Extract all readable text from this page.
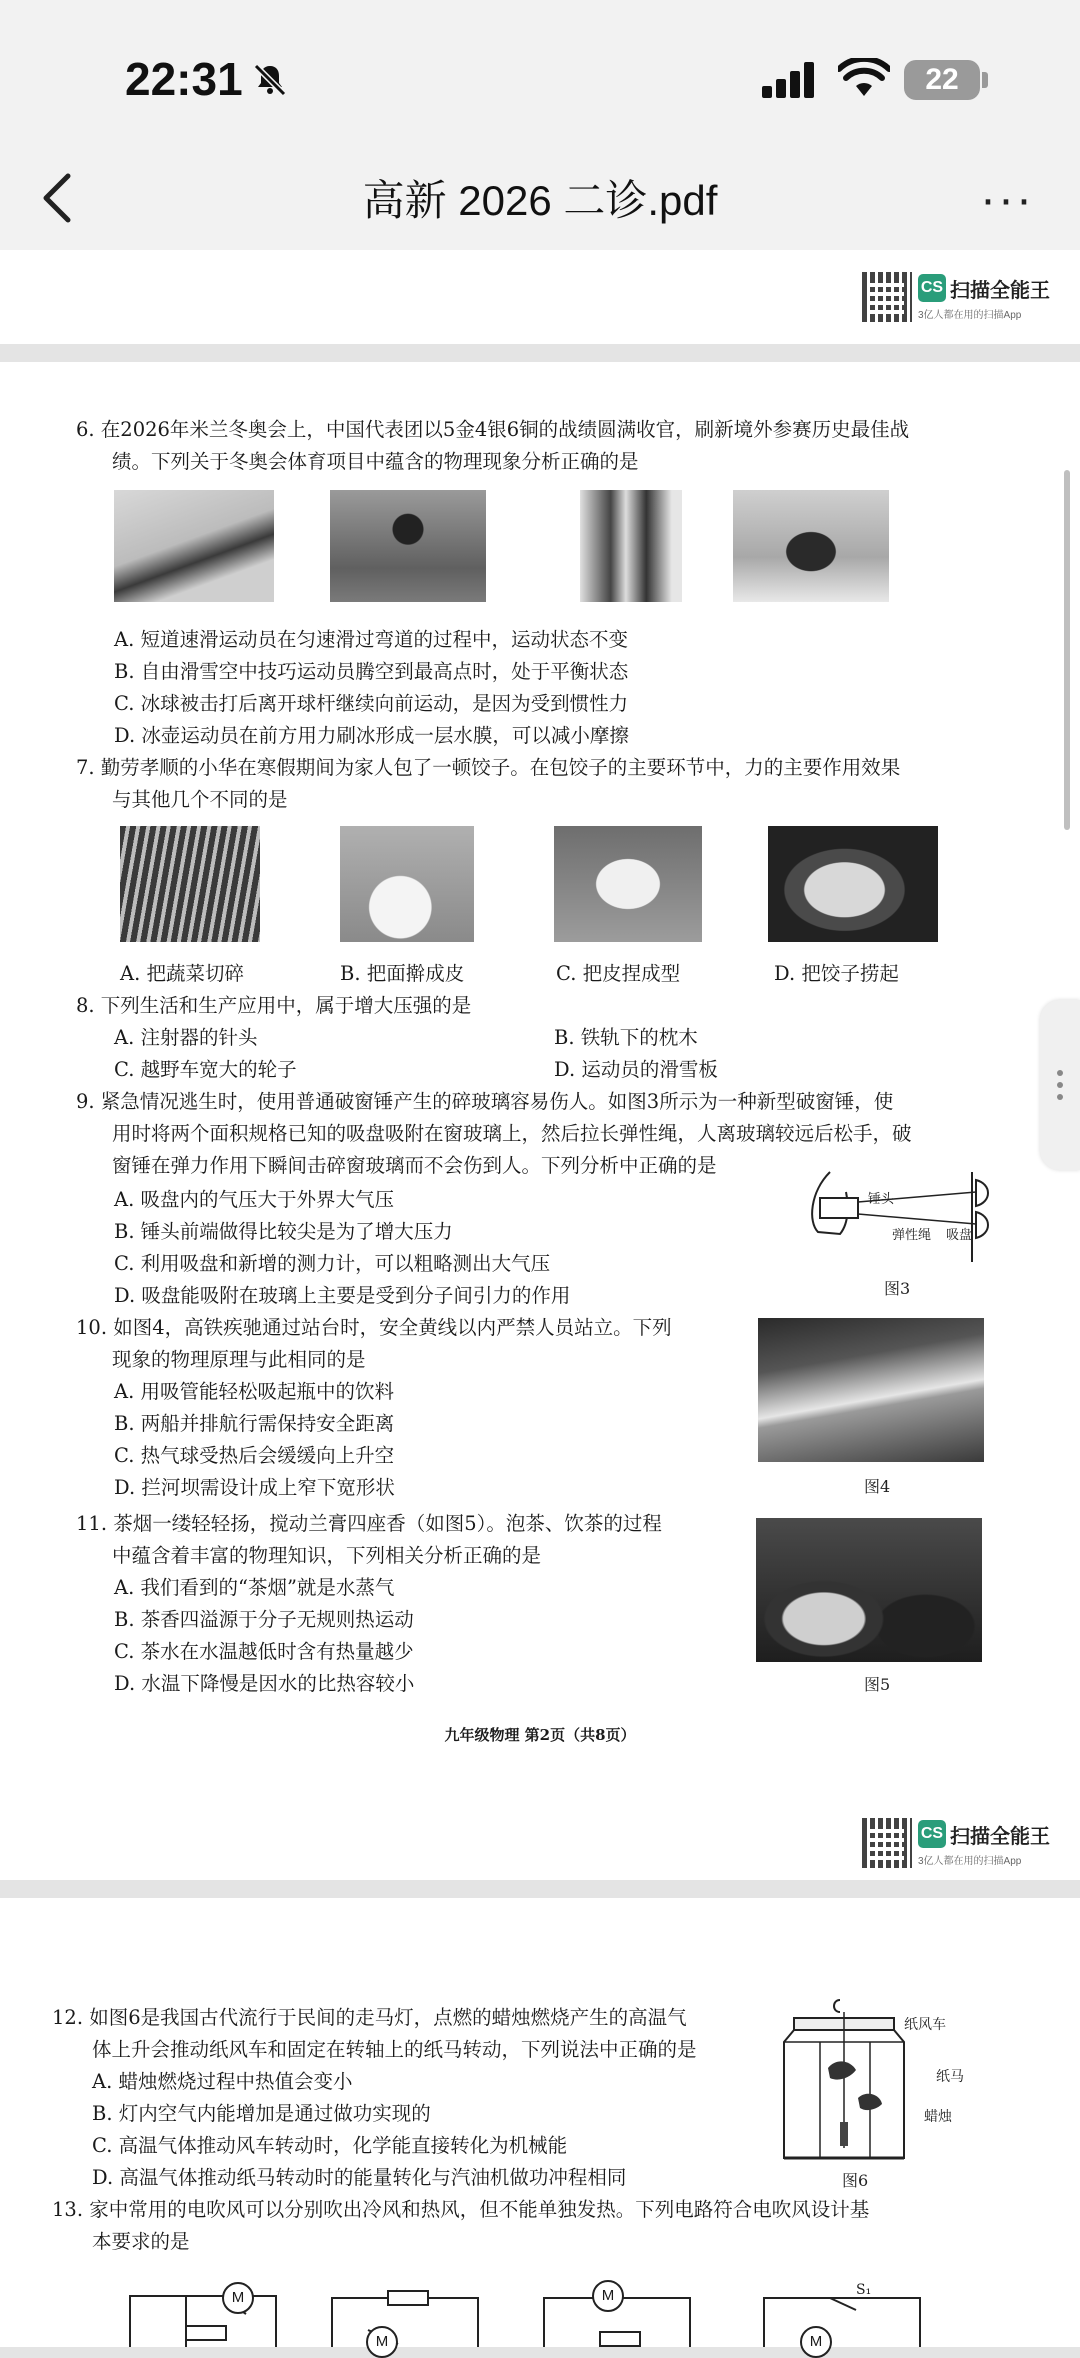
22:31	22
高新 2026 二诊.pdf	···
CS 扫描全能王
3亿人都在用的扫描App
6. 在2026年米兰冬奥会上，中国代表团以5金4银6铜的战绩圆满收官，刷新境外参赛历史最佳战
绩。下列关于冬奥会体育项目中蕴含的物理现象分析正确的是
A. 短道速滑运动员在匀速滑过弯道的过程中，运动状态不变
B. 自由滑雪空中技巧运动员腾空到最高点时，处于平衡状态
C. 冰球被击打后离开球杆继续向前运动，是因为受到惯性力
D. 冰壶运动员在前方用力刷冰形成一层水膜，可以减小摩擦
7. 勤劳孝顺的小华在寒假期间为家人包了一顿饺子。在包饺子的主要环节中，力的主要作用效果
与其他几个不同的是
A. 把蔬菜切碎	B. 把面擀成皮	C. 把皮捏成型	D. 把饺子捞起
8. 下列生活和生产应用中，属于增大压强的是
A. 注射器的针头	B. 铁轨下的枕木
C. 越野车宽大的轮子	D. 运动员的滑雪板
9. 紧急情况逃生时，使用普通破窗锤产生的碎玻璃容易伤人。如图3所示为一种新型破窗锤，使
用时将两个面积规格已知的吸盘吸附在窗玻璃上，然后拉长弹性绳，人离玻璃较远后松手，破
窗锤在弹力作用下瞬间击碎窗玻璃而不会伤到人。下列分析中正确的是
A. 吸盘内的气压大于外界大气压
B. 锤头前端做得比较尖是为了增大压力
C. 利用吸盘和新增的测力计，可以粗略测出大气压
D. 吸盘能吸附在玻璃上主要是受到分子间引力的作用
锤头
弹性绳 吸盘
图3
10. 如图4，高铁疾驰通过站台时，安全黄线以内严禁人员站立。下列
现象的物理原理与此相同的是
A. 用吸管能轻松吸起瓶中的饮料
B. 两船并排航行需保持安全距离
C. 热气球受热后会缓缓向上升空
D. 拦河坝需设计成上窄下宽形状	图4
11. 茶烟一缕轻轻扬，搅动兰膏四座香（如图5）。泡茶、饮茶的过程
中蕴含着丰富的物理知识，下列相关分析正确的是
A. 我们看到的“茶烟”就是水蒸气
B. 茶香四溢源于分子无规则热运动
C. 茶水在水温越低时含有热量越少
D. 水温下降慢是因水的比热容较小	图5
九年级物理 第2页（共8页）
CS 扫描全能王
3亿人都在用的扫描App
12. 如图6是我国古代流行于民间的走马灯，点燃的蜡烛燃烧产生的高温气
体上升会推动纸风车和固定在转轴上的纸马转动，下列说法中正确的是
A. 蜡烛燃烧过程中热值会变小
B. 灯内空气内能增加是通过做功实现的
C. 高温气体推动风车转动时，化学能直接转化为机械能
D. 高温气体推动纸马转动时的能量转化与汽油机做功冲程相同
纸风车
纸马
蜡烛
图6
13. 家中常用的电吹风可以分别吹出冷风和热风，但不能单独发热。下列电路符合电吹风设计基
本要求的是
M
M
M	S₁
M
